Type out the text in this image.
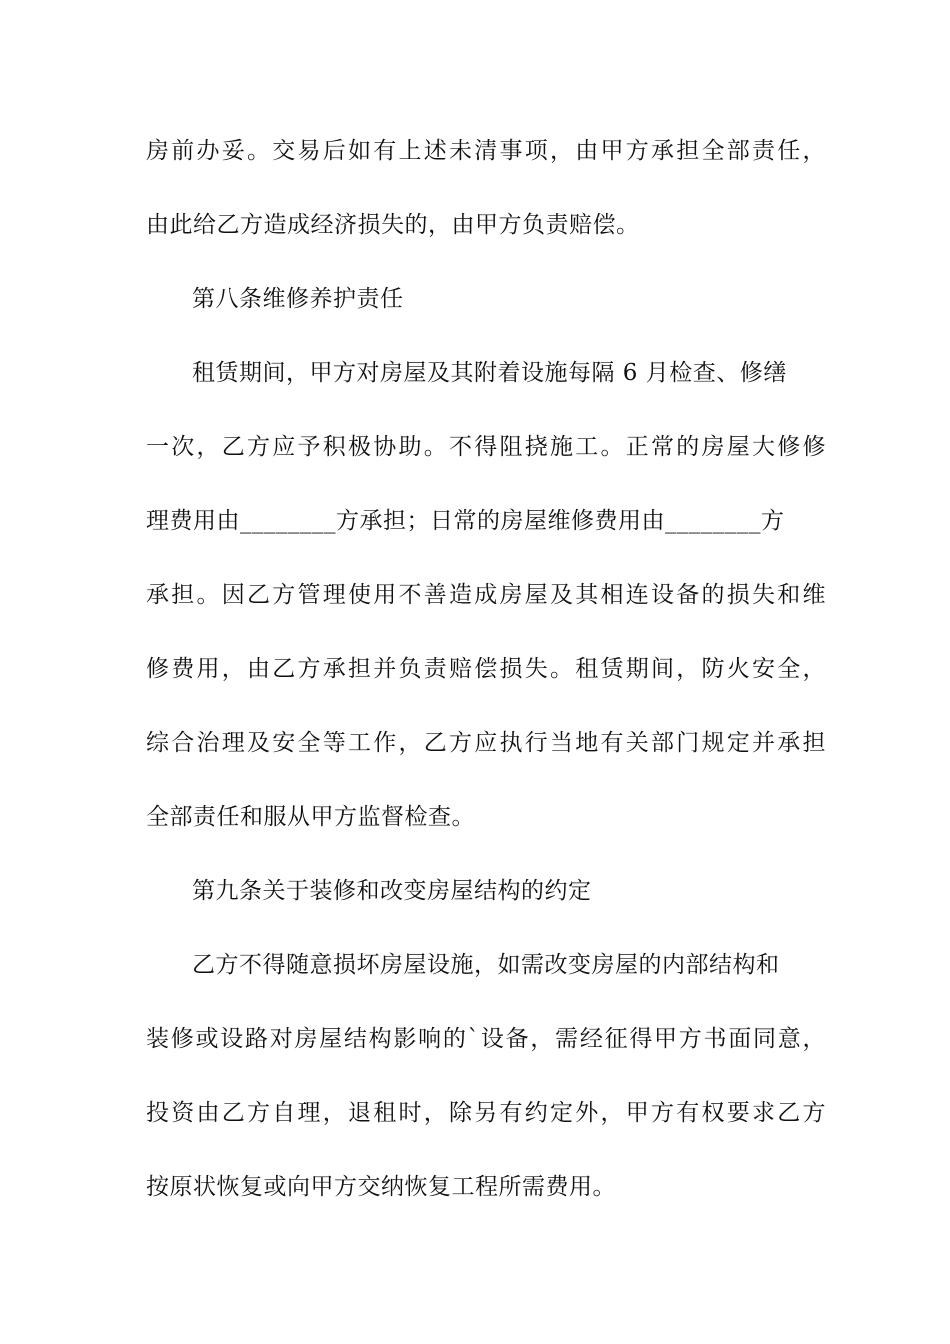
房前办妥。交易后如有上述未清事项，由甲方承担全部责任，
由此给乙方造成经济损失的，由甲方负责赔偿。
第八条维修养护责任
租赁期间，甲方对房屋及其附着设施每隔 6 月检查、修缮
一次，乙方应予积极协助。不得阻挠施工。正常的房屋大修修
理费用由________方承担；日常的房屋维修费用由________方
承担。因乙方管理使用不善造成房屋及其相连设备的损失和维
修费用，由乙方承担并负责赔偿损失。租赁期间，防火安全，
综合治理及安全等工作，乙方应执行当地有关部门规定并承担
全部责任和服从甲方监督检查。
第九条关于装修和改变房屋结构的约定
乙方不得随意损坏房屋设施，如需改变房屋的内部结构和
装修或设路对房屋结构影响的`设备，需经征得甲方书面同意，
投资由乙方自理，退租时，除另有约定外，甲方有权要求乙方
按原状恢复或向甲方交纳恢复工程所需费用。
